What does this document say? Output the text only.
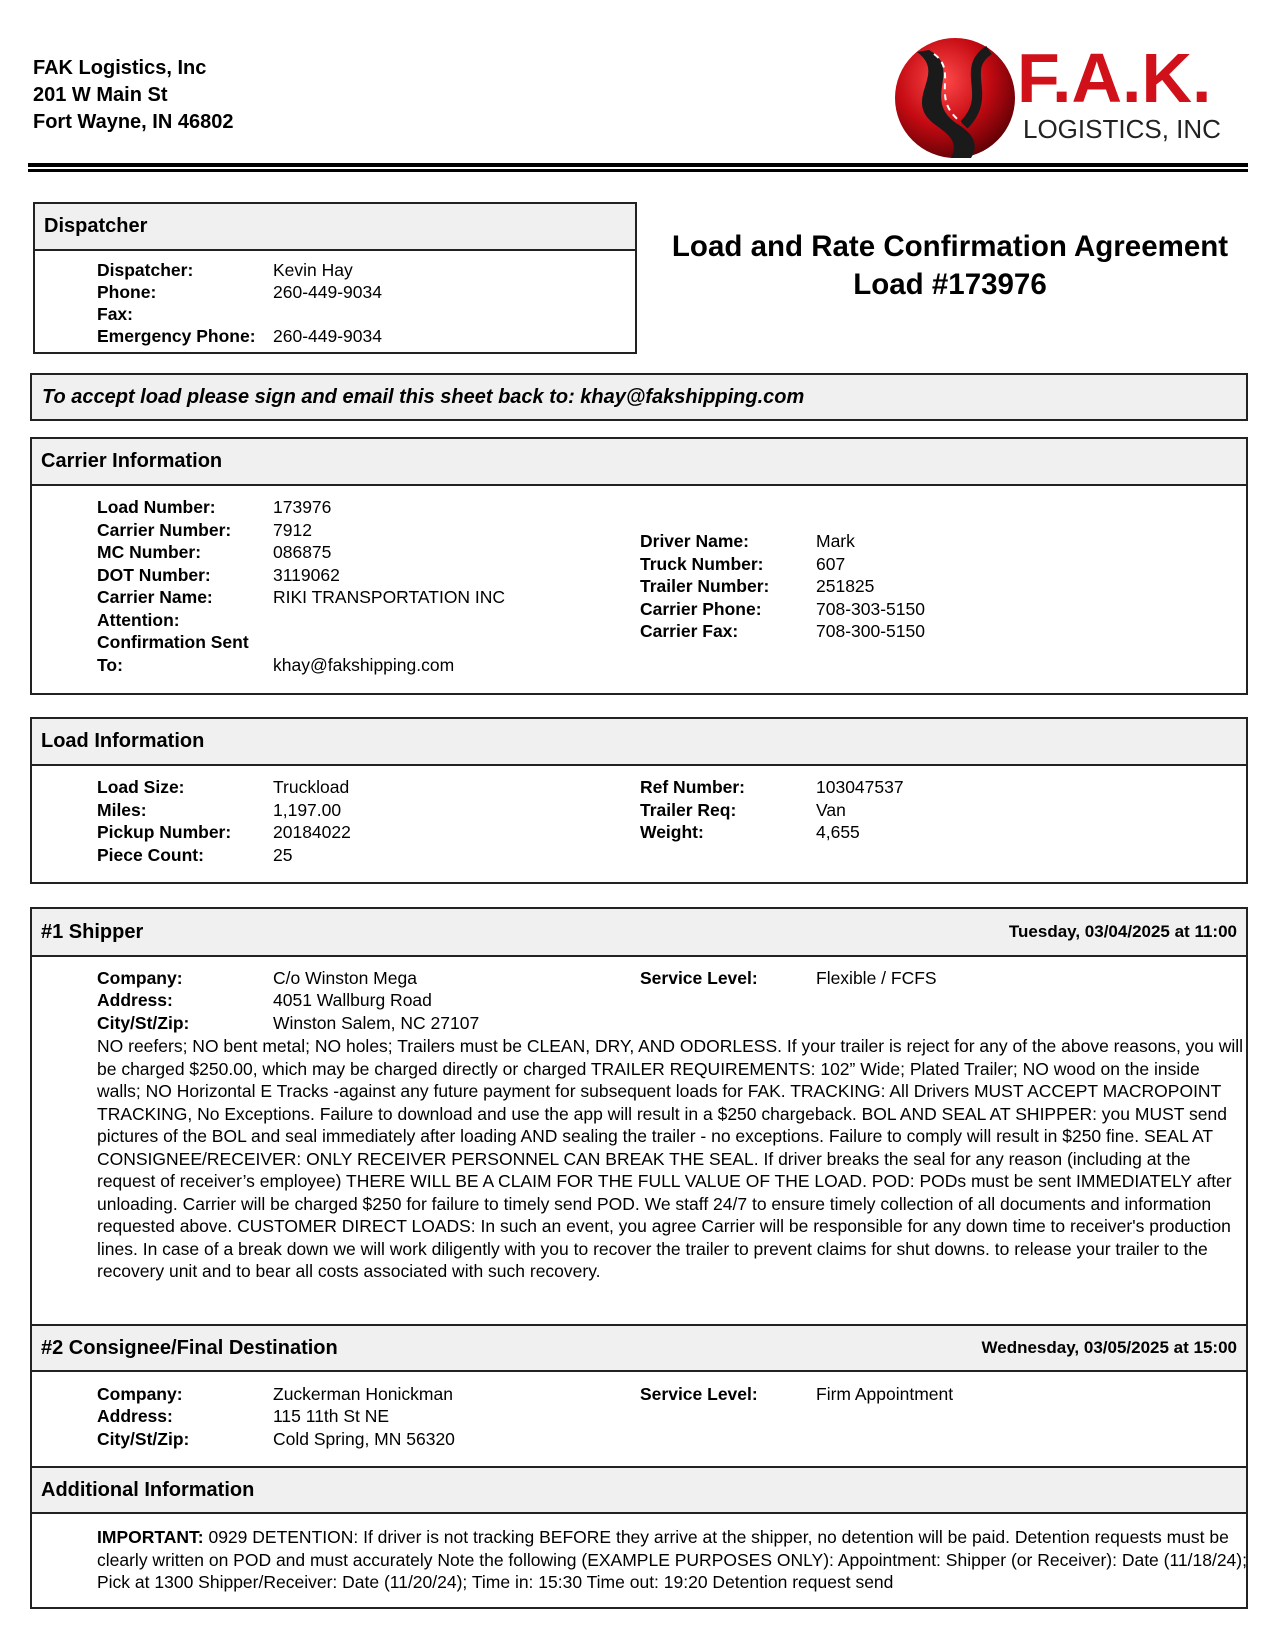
FAK Logistics, Inc
201 W Main St
Fort Wayne, IN 46802
F.A.K.
LOGISTICS, INC
Dispatcher
Dispatcher:	Kevin Hay
Phone:	260-449-9034
Fax:
Emergency Phone: 260-449-9034
Load and Rate Confirmation Agreement
Load #173976
To accept load please sign and email this sheet back to: khay@fakshipping.com
Carrier Information
Load Number:	173976
Carrier Number: 7912
MC Number:	086875
DOT Number:	3119062
Carrier Name:	RIKI TRANSPORTATION INC
Attention:
Confirmation Sent
To:	khay@fakshipping.com
Driver Name:	Mark
Truck Number:	607
Trailer Number:	251825
Carrier Phone:	708-303-5150
Carrier Fax:	708-300-5150
Load Information
Load Size:	Truckload
Miles:	1,197.00
Pickup Number: 20184022
Piece Count:	25
Ref Number:	103047537
Trailer Req:	Van
Weight:	4,655
#1 Shipper	Tuesday, 03/04/2025 at 11:00
Company:	C/o Winston Mega
Address:	4051 Wallburg Road
City/St/Zip:	Winston Salem, NC 27107
Service Level:	Flexible / FCFS
NO reefers; NO bent metal; NO holes; Trailers must be CLEAN, DRY, AND ODORLESS. If your trailer is reject for any of the above reasons, you will be charged $250.00, which may be charged directly or charged TRAILER REQUIREMENTS: 102” Wide; Plated Trailer; NO wood on the inside walls; NO Horizontal E Tracks -against any future payment for subsequent loads for FAK. TRACKING: All Drivers MUST ACCEPT MACROPOINT TRACKING, No Exceptions. Failure to download and use the app will result in a $250 chargeback. BOL AND SEAL AT SHIPPER: you MUST send pictures of the BOL and seal immediately after loading AND sealing the trailer - no exceptions. Failure to comply will result in $250 fine. SEAL AT CONSIGNEE/RECEIVER: ONLY RECEIVER PERSONNEL CAN BREAK THE SEAL. If driver breaks the seal for any reason (including at the request of receiver’s employee) THERE WILL BE A CLAIM FOR THE FULL VALUE OF THE LOAD. POD: PODs must be sent IMMEDIATELY after unloading. Carrier will be charged $250 for failure to timely send POD. We staff 24/7 to ensure timely collection of all documents and information requested above. CUSTOMER DIRECT LOADS: In such an event, you agree Carrier will be responsible for any down time to receiver's production lines. In case of a break down we will work diligently with you to recover the trailer to prevent claims for shut downs. to release your trailer to the recovery unit and to bear all costs associated with such recovery.
#2 Consignee/Final Destination	Wednesday, 03/05/2025 at 15:00
Company:	Zuckerman Honickman
Address:	115 11th St NE
City/St/Zip:	Cold Spring, MN 56320
Service Level:	Firm Appointment
Additional Information
IMPORTANT: 0929 DETENTION: If driver is not tracking BEFORE they arrive at the shipper, no detention will be paid. Detention requests must be clearly written on POD and must accurately Note the following (EXAMPLE PURPOSES ONLY): Appointment: Shipper (or Receiver): Date (11/18/24); Pick at 1300 Shipper/Receiver: Date (11/20/24); Time in: 15:30 Time out: 19:20 Detention request send
